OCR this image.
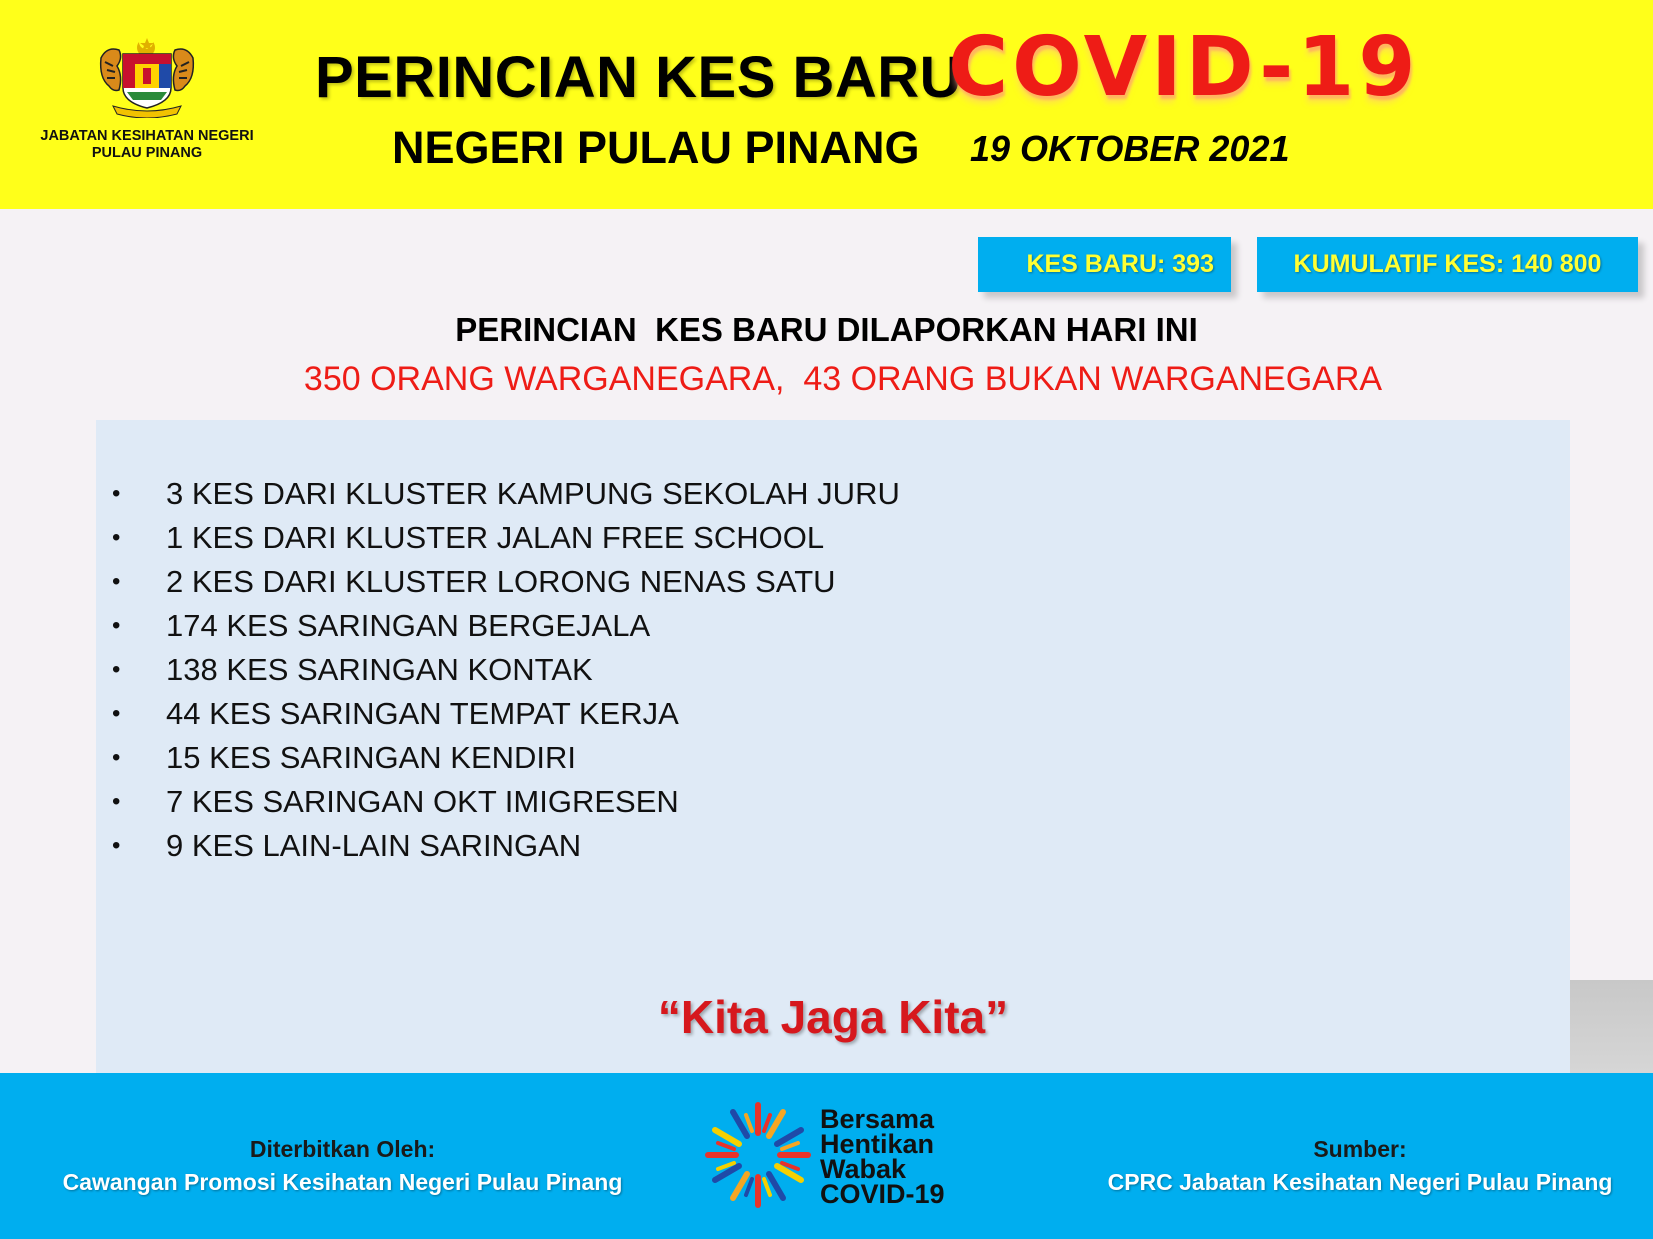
JABATAN KESIHATAN NEGERI
PULAU PINANG
PERINCIAN KES BARU
COVID-19
NEGERI PULAU PINANG 19 OKTOBER 2021
KES BARU: 393	KUMULATIF KES: 140 800
PERINCIAN  KES BARU DILAPORKAN HARI INI
350 ORANG WARGANEGARA,  43 ORANG BUKAN WARGANEGARA
• 3 KES DARI KLUSTER KAMPUNG SEKOLAH JURU
• 1 KES DARI KLUSTER JALAN FREE SCHOOL
• 2 KES DARI KLUSTER LORONG NENAS SATU
• 174 KES SARINGAN BERGEJALA
• 138 KES SARINGAN KONTAK
• 44 KES SARINGAN TEMPAT KERJA
• 15 KES SARINGAN KENDIRI
• 7 KES SARINGAN OKT IMIGRESEN
• 9 KES LAIN-LAIN SARINGAN
“Kita Jaga Kita”
Diterbitkan Oleh:
Cawangan Promosi Kesihatan Negeri Pulau Pinang
Bersama
Hentikan
Wabak
COVID-19
Sumber:
CPRC Jabatan Kesihatan Negeri Pulau Pinang
